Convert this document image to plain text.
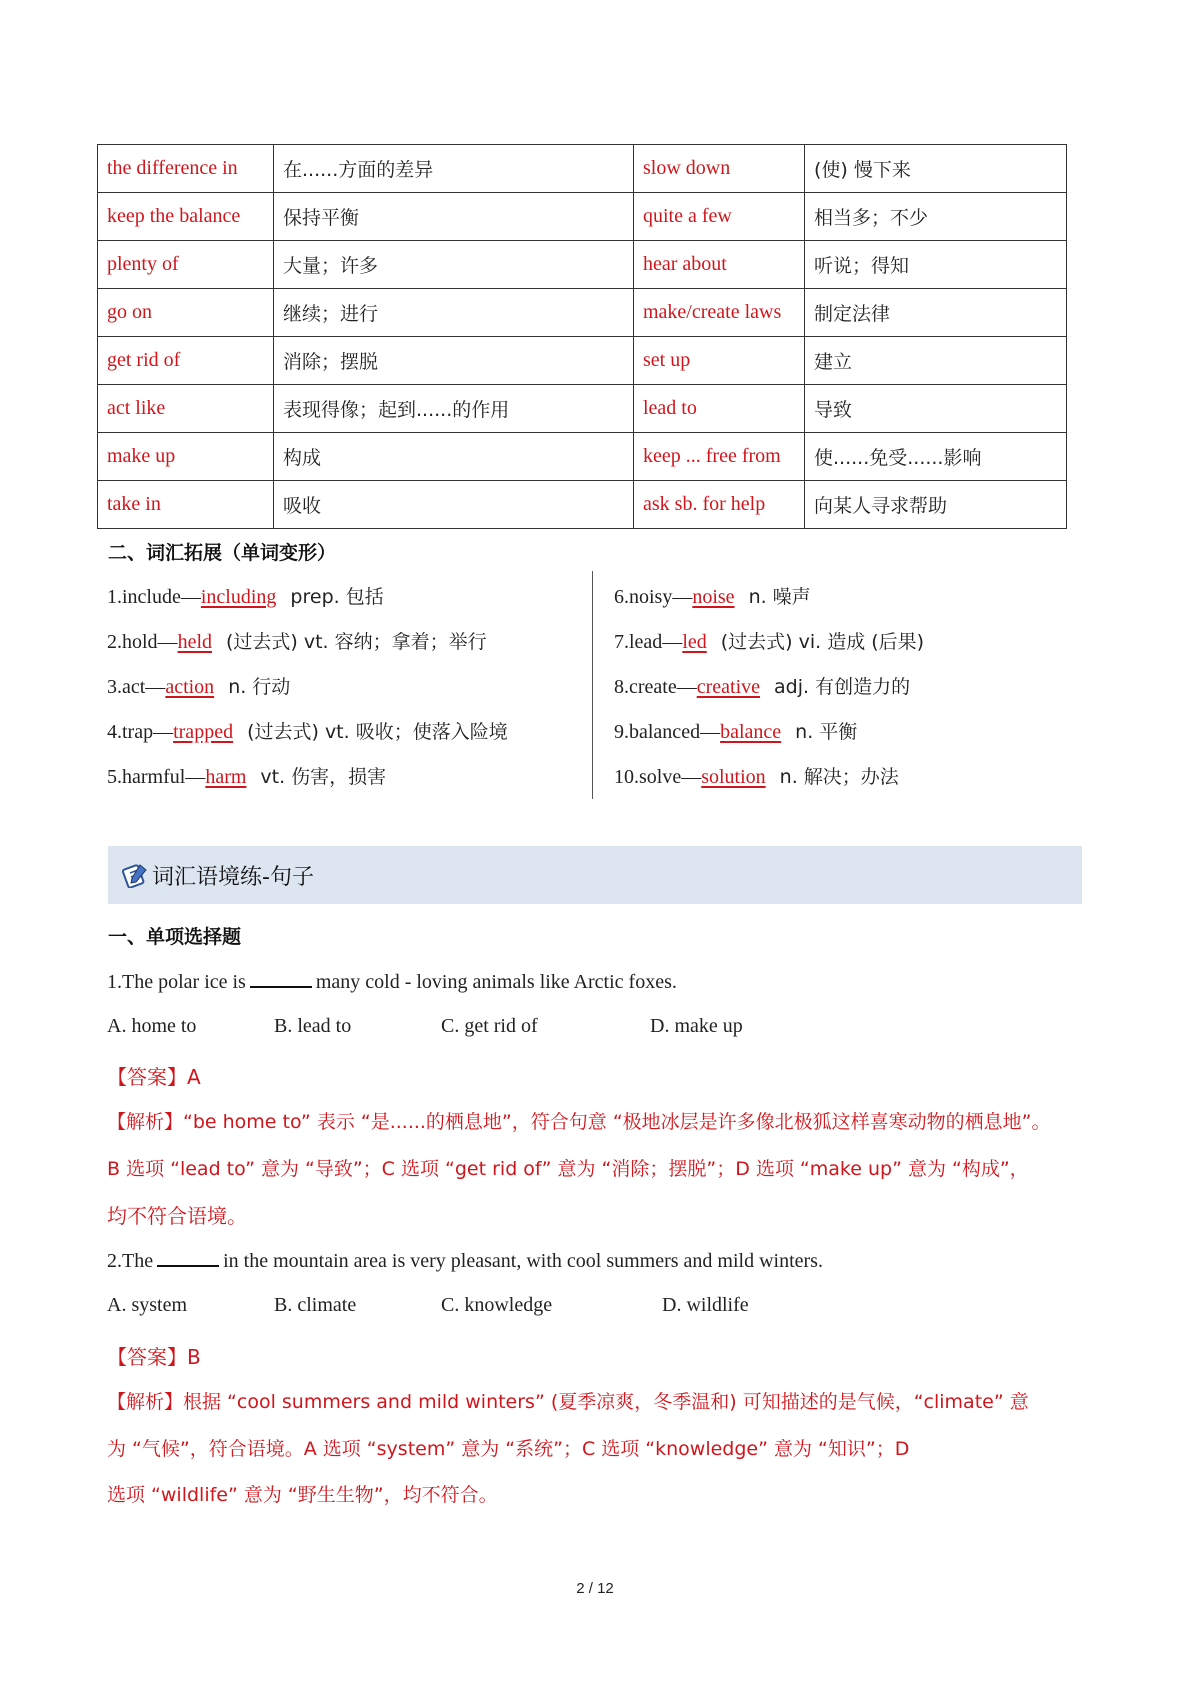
the difference in	在......方面的差异	slow down	(使) 慢下来
keep the balance	保持平衡	quite a few	相当多；不少
plenty of	大量；许多	hear about	听说；得知
go on	继续；进行	make/create laws	制定法律
get rid of	消除；摆脱	set up	建立
act like	表现得像；起到......的作用	lead to	导致
make up	构成	keep ... free from	使......免受......影响
take in	吸收	ask sb. for help	向某人寻求帮助
二、词汇拓展（单词变形）
1.include—including prep. 包括
2.hold—held (过去式) vt. 容纳；拿着；举行
3.act—action n. 行动
4.trap—trapped (过去式) vt. 吸收；使落入险境
5.harmful—harm vt. 伤害，损害
6.noisy—noise n. 噪声
7.lead—led (过去式) vi. 造成 (后果)
8.create—creative adj. 有创造力的
9.balanced—balance n. 平衡
10.solve—solution n. 解决；办法
词汇语境练-句子
一、单项选择题
1.The polar ice is	many cold - loving animals like Arctic foxes.
A. home to	B. lead to	C. get rid of	D. make up
【答案】A
【解析】“be home to” 表示 “是......的栖息地”，符合句意 “极地冰层是许多像北极狐这样喜寒动物的栖息地”。
B 选项 “lead to” 意为 “导致”；C 选项 “get rid of” 意为 “消除；摆脱”；D 选项 “make up” 意为 “构成”，
均不符合语境。
2.The	in the mountain area is very pleasant, with cool summers and mild winters.
A. system	B. climate	C. knowledge	D. wildlife
【答案】B
【解析】根据 “cool summers and mild winters” (夏季凉爽，冬季温和) 可知描述的是气候，“climate” 意
为 “气候”，符合语境。A 选项 “system” 意为 “系统”；C 选项 “knowledge” 意为 “知识”；D
选项 “wildlife” 意为 “野生生物”，均不符合。
2 / 12
